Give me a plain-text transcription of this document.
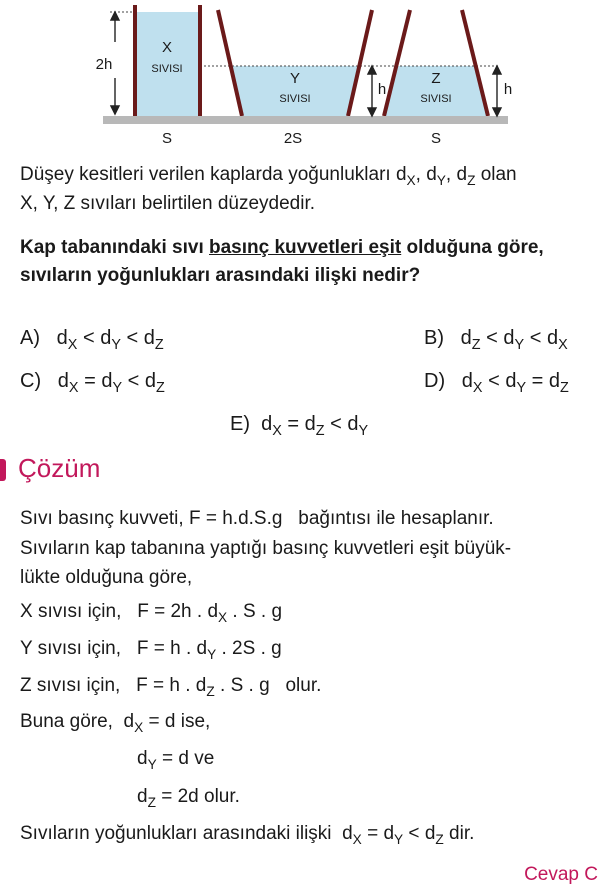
2h
h	h
X
SIVISI
Y
SIVISI
Z
SIVISI
S	2S	S
Düşey kesitleri verilen kaplarda yoğunlukları $d_X$, $d_Y$, $d_Z$ olan
X, Y, Z sıvıları belirtilen düzeydedir.
Kap tabanındaki sıvı basınç kuvvetleri eşit olduğuna göre,
sıvıların yoğunlukları arasındaki ilişki nedir?
A) $d_X < d_Y < d_Z$	B) $d_Z < d_Y < d_X$
C) $d_X = d_Y < d_Z$	D) $d_X < d_Y = d_Z$
E) $d_X = d_Z < d_Y$
Çözüm
Sıvı basınç kuvveti, F = h.d.S.g   bağıntısı ile hesaplanır.
Sıvıların kap tabanına yaptığı basınç kuvvetleri eşit büyük-
lükte olduğuna göre,
X sıvısı için,   F = 2h . $d_X$ . S . g
Y sıvısı için,   F = h . $d_Y$ . 2S . g
Z sıvısı için,   F = h . $d_Z$ . S . g   olur.
Buna göre, $d_X = d$ ise,
$d_Y = d$ ve
$d_Z = 2d$ olur.
Sıvıların yoğunlukları arasındaki ilişki $d_X = d_Y < d_Z$ dir.
Cevap C
